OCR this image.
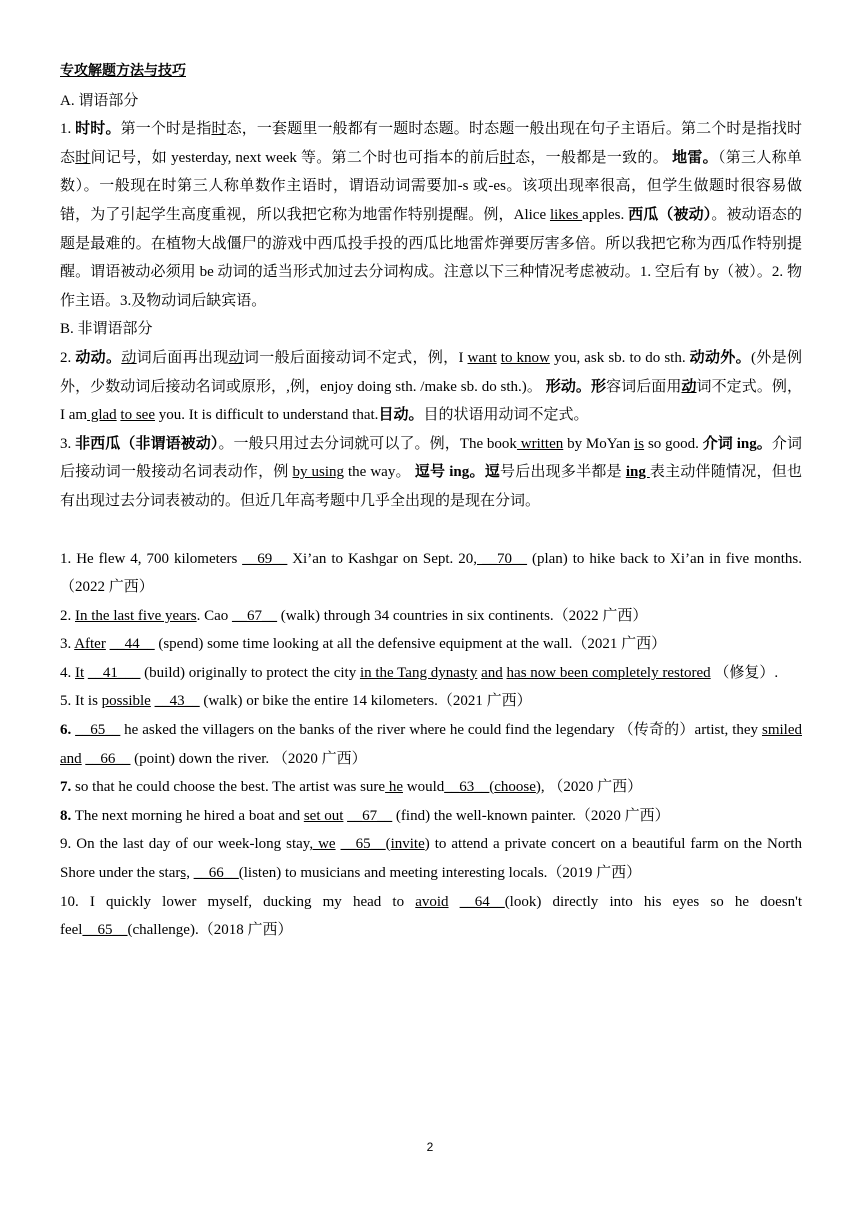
专攻解题方法与技巧

A. 谓语部分

1. 时时。第一个时是指时态，一套题里一般都有一题时态题。时态题一般出现在句子主语后。第二个时是指找时态时间记号，如 yesterday, next week 等。第二个时也可指本的前后时态，一般都是一致的。 地雷。（第三人称单数）。一般现在时第三人称单数作主语时，谓语动词需要加-s 或-es。该项出现率很高，但学生做题时很容易做错，为了引起学生高度重视，所以我把它称为地雷作特别提醒。例，Alice likes apples. 西瓜（被动）。被动语态的题是最难的。在植物大战僵尸的游戏中西瓜投手投的西瓜比地雷炸弹要厉害多倍。所以我把它称为西瓜作特别提醒。谓语被动必须用 be 动词的适当形式加过去分词构成。注意以下三种情况考虑被动。1. 空后有 by（被）。2. 物作主语。3.及物动词后缺宾语。

B. 非谓语部分

2. 动动。动词后面再出现动词一般后面接动词不定式，例，I want to know you, ask sb. to do sth. 动动外。(外是例外，少数动词后接动名词或原形，,例，enjoy doing sth. /make sb. do sth.)。 形动。形容词后面用动词不定式。例，I am glad to see you. It is difficult to understand that.目动。目的状语用动词不定式。

3. 非西瓜（非谓语被动）。一般只用过去分词就可以了。例，The book written by MoYan is so good. 介词 ing。介词后接动词一般接动名词表动作，例 by using the way。 逗号 ing。逗号后出现多半都是 ing 表主动伴随情况，但也有出现过去分词表被动的。但近几年高考题中几乎全出现的是现在分词。

1. He flew 4, 700 kilometers __69__ Xi’an to Kashgar on Sept. 20, __70__ (plan) to hike back to Xi’an in five months.（2022 广西）

2. In the last five years. Cao __67__ (walk) through 34 countries in six continents.（2022 广西）

3. After __44__ (spend) some time looking at all the defensive equipment at the wall.（2021 广西）

4. It __41___ (build) originally to protect the city in the Tang dynasty and has now been completely restored （修复）.

5. It is possible __43__ (walk) or bike the entire 14 kilometers.（2021 广西）

6. __65__ he asked the villagers on the banks of the river where he could find the legendary （传奇的）artist, they smiled and __66__ (point) down the river. （2020 广西）

7. so that he could choose the best. The artist was sure he would__63__(choose), （2020 广西）

8. The next morning he hired a boat and set out __67__ (find) the well-known painter.（2020 广西）

9. On the last day of our week-long stay, we __65__(invite) to attend a private concert on a beautiful farm on the North Shore under the stars, __66__(listen) to musicians and meeting interesting locals.（2019 广西）

10. I quickly lower myself, ducking my head to avoid __64__(look) directly into his eyes so he doesn't feel__65__(challenge).（2018 广西）

2
